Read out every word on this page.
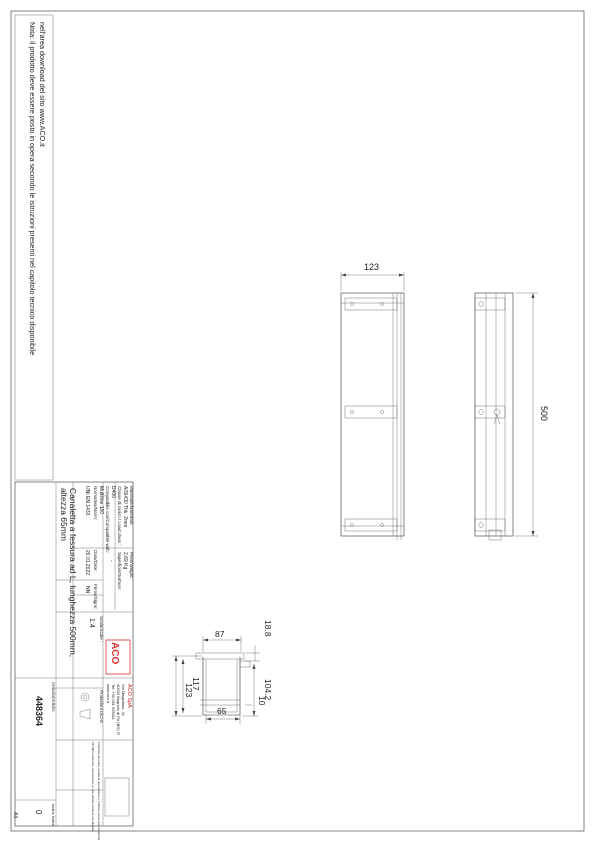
Nota: il prodotto deve essere posto in opera secondo le istruzioni presenti nel capitolo tecnico disponibile nell'area download del sito www.ACO.it
Materiale/Materials:
AISI430 Thk. 2mm
Classe di carico / Load class :
D400
Compatibile con/Compatible with:
Multiline 100
Normativa/Norm:
UNI EN 1433
Data/Date:
20.01.2022	Peso/Weight:
2,69 Kg
Superficie/Surface:
-
Firma/Signs:
NN
Scala/Scale :
1:4
ACO
ACO SpA
Via Magellano, 41
40033 Bagnolo di Po (BO) IT
Tel. +39 051 999111
www.aco.it
Proiezioni ISO-E
Proprietà riservata, vietata la riproduzione o l'utilizzo senza autorizzazione.
All rights reserved, reproduction or use without consent not allowed.
Canaletta a fessura ad L, lunghezza 500mm,
altezza 65mm
Articolo/Article:
448364
Indice Index:
0
A3
123
500
87	18.8
117
123	104.2
10
65
